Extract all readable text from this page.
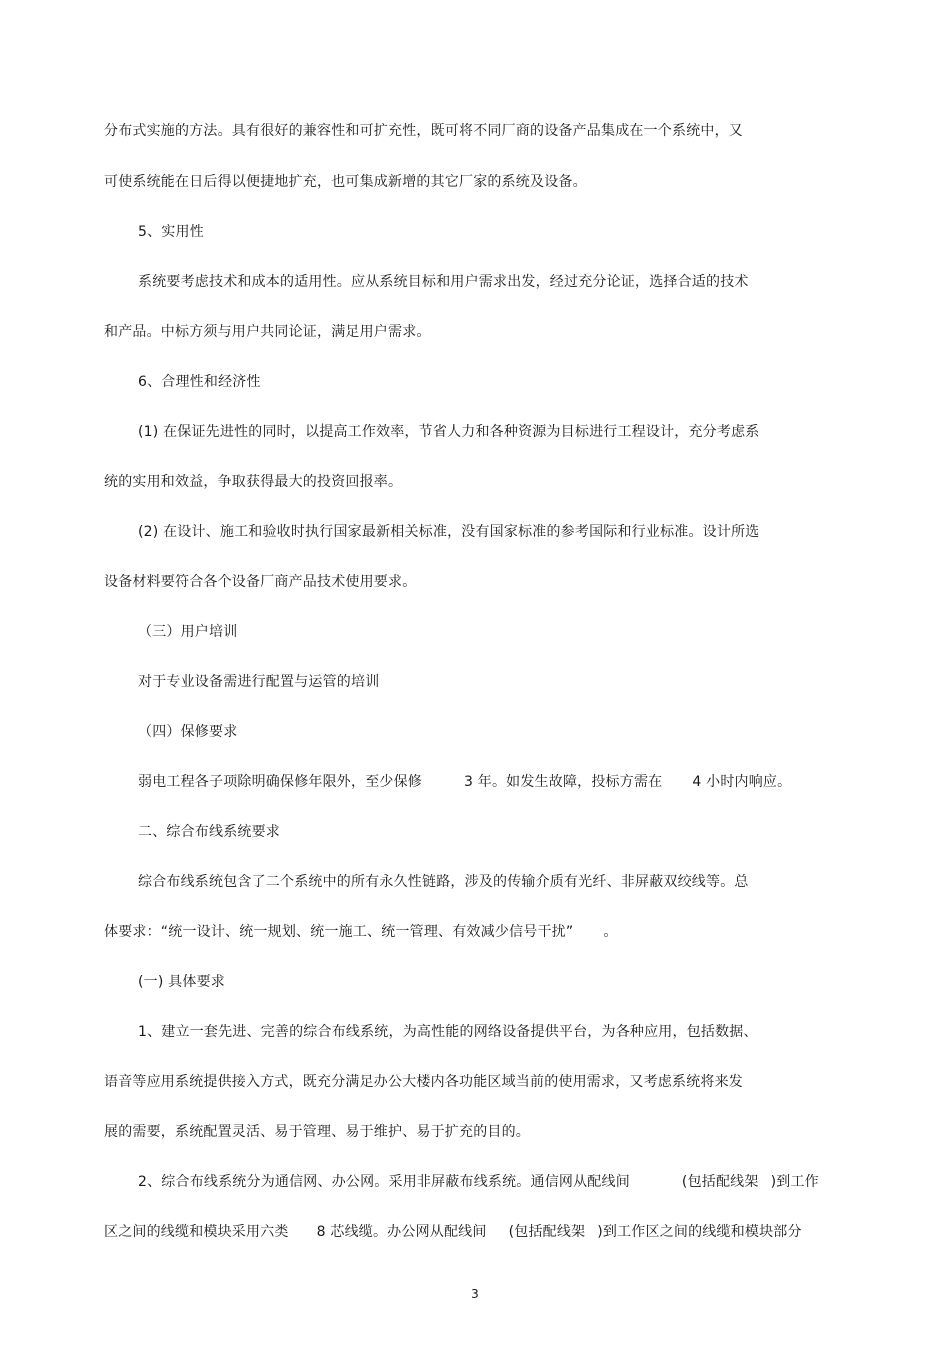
分布式实施的方法。具有很好的兼容性和可扩充性，既可将不同厂商的设备产品集成在一个系统中，又
可使系统能在日后得以便捷地扩充，也可集成新增的其它厂家的系统及设备。
5、实用性
系统要考虑技术和成本的适用性。应从系统目标和用户需求出发，经过充分论证，选择合适的技术
和产品。中标方须与用户共同论证，满足用户需求。
6、合理性和经济性
(1) 在保证先进性的同时，以提高工作效率，节省人力和各种资源为目标进行工程设计，充分考虑系
统的实用和效益，争取获得最大的投资回报率。
(2) 在设计、施工和验收时执行国家最新相关标准，没有国家标准的参考国际和行业标准。设计所选
设备材料要符合各个设备厂商产品技术使用要求。
（三）用户培训
对于专业设备需进行配置与运管的培训
（四）保修要求
弱电工程各子项除明确保修年限外，至少保修	3 年。如发生故障，投标方需在 4 小时内响应。
二、综合布线系统要求
综合布线系统包含了二个系统中的所有永久性链路，涉及的传输介质有光纤、非屏蔽双绞线等。总
体要求：“统一设计、统一规划、统一施工、统一管理、有效减少信号干扰” 。
(一) 具体要求
1、建立一套先进、完善的综合布线系统，为高性能的网络设备提供平台，为各种应用，包括数据、
语音等应用系统提供接入方式，既充分满足办公大楼内各功能区域当前的使用需求，又考虑系统将来发
展的需要，系统配置灵活、易于管理、易于维护、易于扩充的目的。
2、综合布线系统分为通信网、办公网。采用非屏蔽布线系统。通信网从配线间	(包括配线架 )到工作
区之间的线缆和模块采用六类 8 芯线缆。办公网从配线间 (包括配线架 )到工作区之间的线缆和模块部分
3
